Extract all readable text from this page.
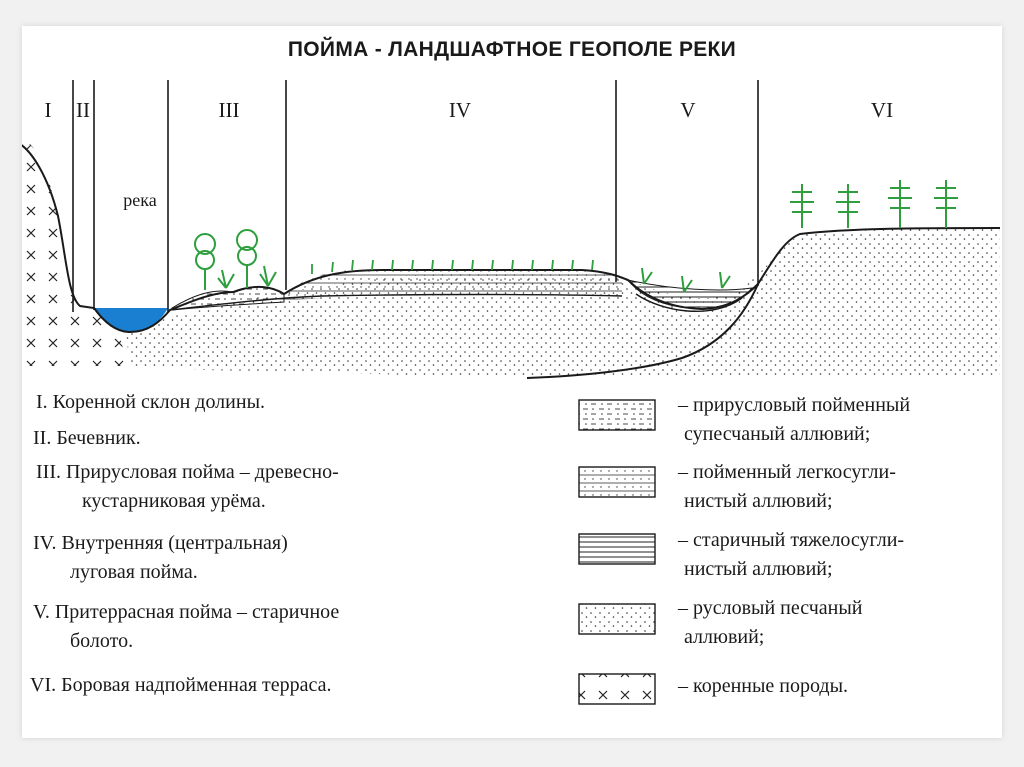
ПОЙМА - ЛАНДШАФТНОЕ ГЕОПОЛЕ РЕКИ
I II	III	IV	V	VI
река
I. Коренной склон долины.
II. Бечевник.
III. Прирусловая пойма – древесно-
кустарниковая урёма.
IV. Внутренняя (центральная)
луговая пойма.
V. Притеррасная пойма – старичное
болото.
VI. Боровая надпойменная терраса.
– прирусловый пойменный
супесчаный аллювий;
– пойменный легкосугли-
нистый аллювий;
– старичный тяжелосугли-
нистый аллювий;
– русловый песчаный
аллювий;
– коренные породы.
